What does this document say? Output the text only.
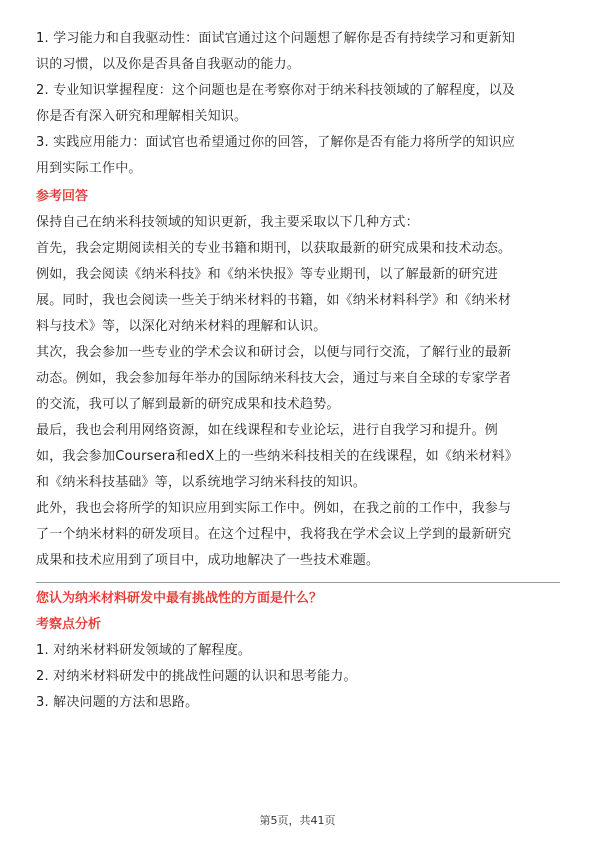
1. 学习能力和自我驱动性：面试官通过这个问题想了解你是否有持续学习和更新知
识的习惯，以及你是否具备自我驱动的能力。
2. 专业知识掌握程度：这个问题也是在考察你对于纳米科技领域的了解程度，以及
你是否有深入研究和理解相关知识。
3. 实践应用能力：面试官也希望通过你的回答，了解你是否有能力将所学的知识应
用到实际工作中。
参考回答
保持自己在纳米科技领域的知识更新，我主要采取以下几种方式：
首先，我会定期阅读相关的专业书籍和期刊，以获取最新的研究成果和技术动态。
例如，我会阅读《纳米科技》和《纳米快报》等专业期刊，以了解最新的研究进
展。同时，我也会阅读一些关于纳米材料的书籍，如《纳米材料科学》和《纳米材
料与技术》等，以深化对纳米材料的理解和认识。
其次，我会参加一些专业的学术会议和研讨会，以便与同行交流，了解行业的最新
动态。例如，我会参加每年举办的国际纳米科技大会，通过与来自全球的专家学者
的交流，我可以了解到最新的研究成果和技术趋势。
最后，我也会利用网络资源，如在线课程和专业论坛，进行自我学习和提升。例
如，我会参加Coursera和edX上的一些纳米科技相关的在线课程，如《纳米材料》
和《纳米科技基础》等，以系统地学习纳米科技的知识。
此外，我也会将所学的知识应用到实际工作中。例如，在我之前的工作中，我参与
了一个纳米材料的研发项目。在这个过程中，我将我在学术会议上学到的最新研究
成果和技术应用到了项目中，成功地解决了一些技术难题。
您认为纳米材料研发中最有挑战性的方面是什么？
考察点分析
1. 对纳米材料研发领域的了解程度。
2. 对纳米材料研发中的挑战性问题的认识和思考能力。
3. 解决问题的方法和思路。
第5页，共41页
